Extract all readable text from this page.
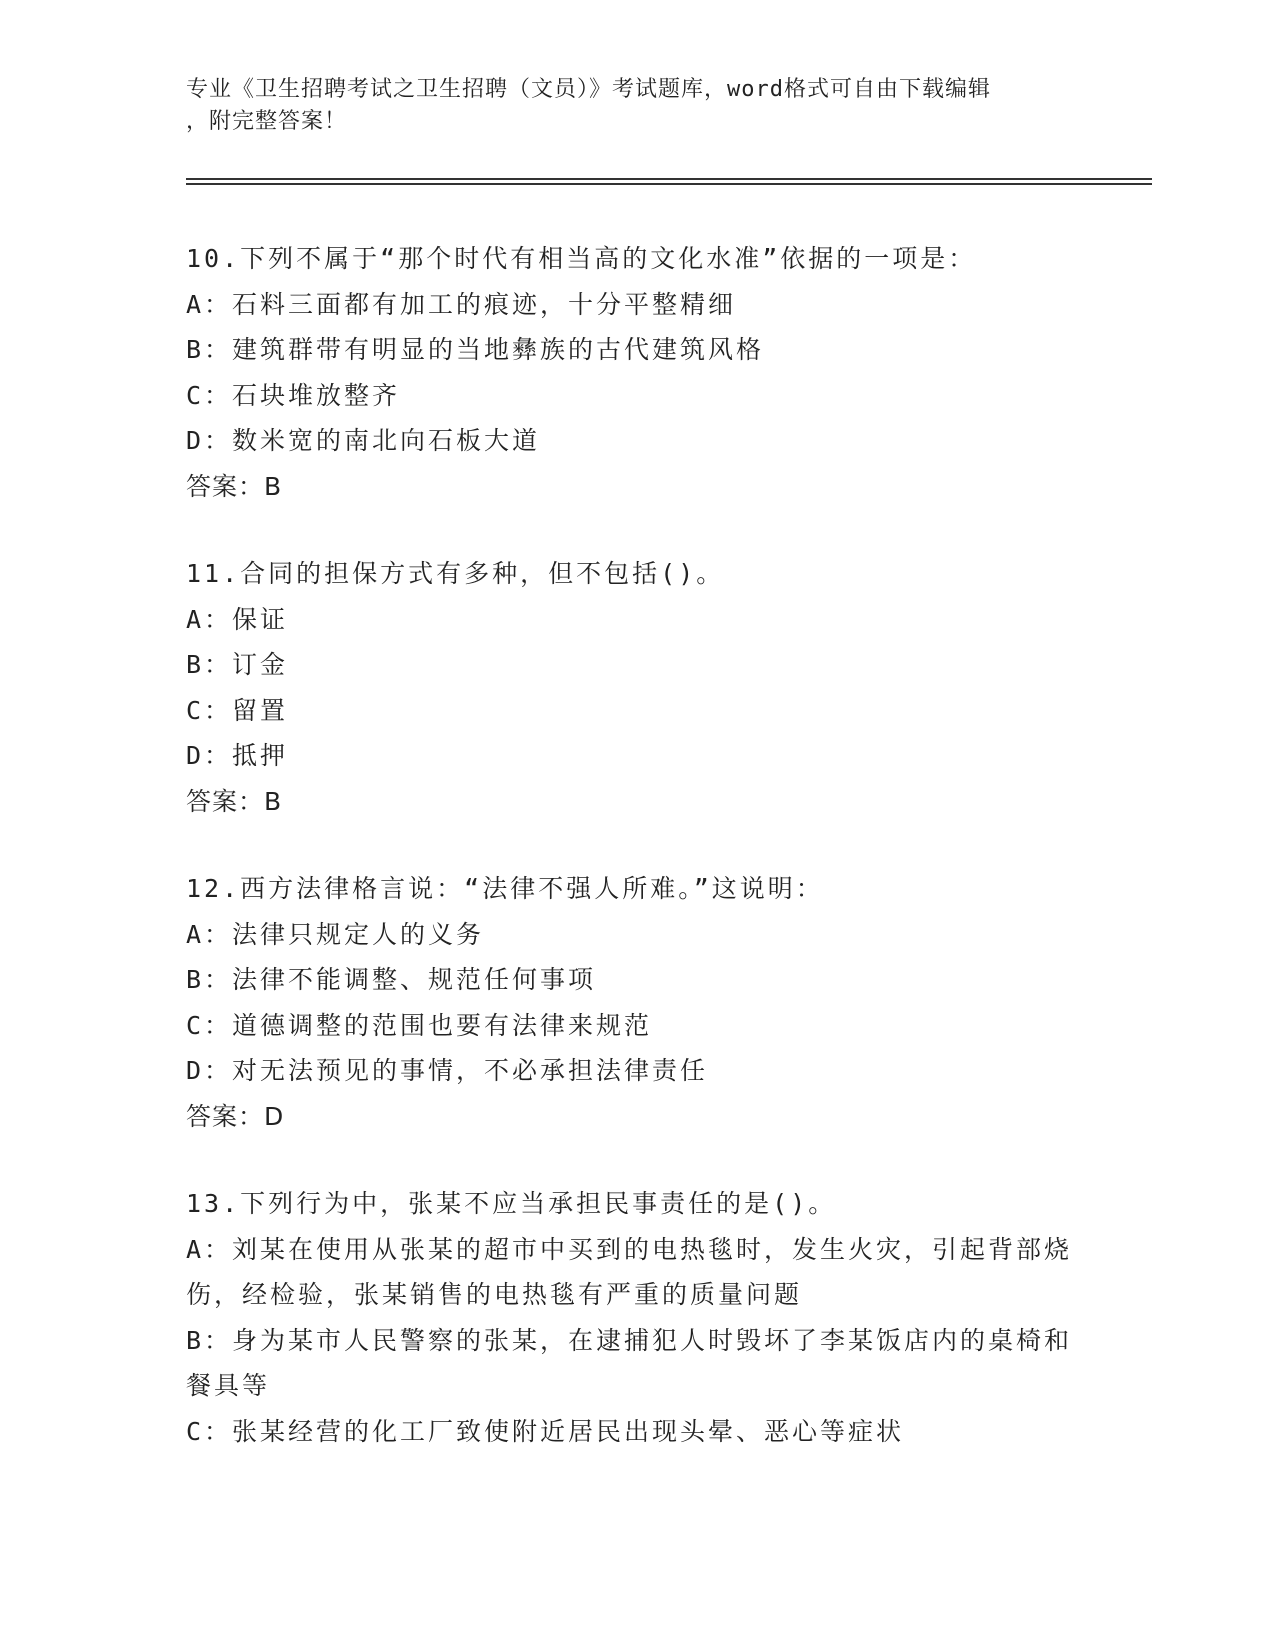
专业《卫生招聘考试之卫生招聘（文员）》考试题库，word格式可自由下载编辑
，附完整答案！
10.下列不属于“那个时代有相当高的文化水准”依据的一项是：
A：石料三面都有加工的痕迹，十分平整精细
B：建筑群带有明显的当地彝族的古代建筑风格
C：石块堆放整齐
D：数米宽的南北向石板大道
答案：B
11.合同的担保方式有多种，但不包括()。
A：保证
B：订金
C：留置
D：抵押
答案：B
12.西方法律格言说：“法律不强人所难。”这说明：
A：法律只规定人的义务
B：法律不能调整、规范任何事项
C：道德调整的范围也要有法律来规范
D：对无法预见的事情，不必承担法律责任
答案：D
13.下列行为中，张某不应当承担民事责任的是()。
A：刘某在使用从张某的超市中买到的电热毯时，发生火灾，引起背部烧伤，经检验，张某销售的电热毯有严重的质量问题
B：身为某市人民警察的张某，在逮捕犯人时毁坏了李某饭店内的桌椅和餐具等
C：张某经营的化工厂致使附近居民出现头晕、恶心等症状
